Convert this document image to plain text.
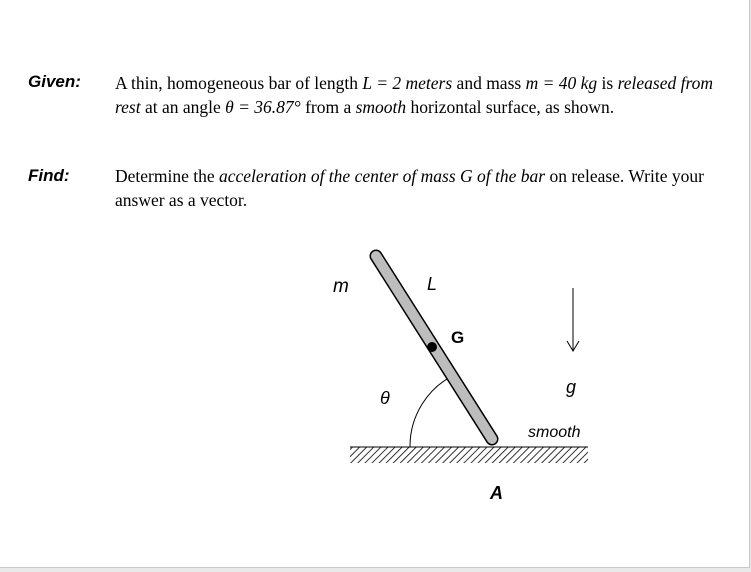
Given: A thin, homogeneous bar of length L = 2 meters and mass m = 40 kg is released from rest at an angle θ = 36.87° from a smooth horizontal surface, as shown.
Find:	Determine the acceleration of the center of mass G of the bar on release. Write your answer as a vector.
m	L
G
θ
g
smooth
A
